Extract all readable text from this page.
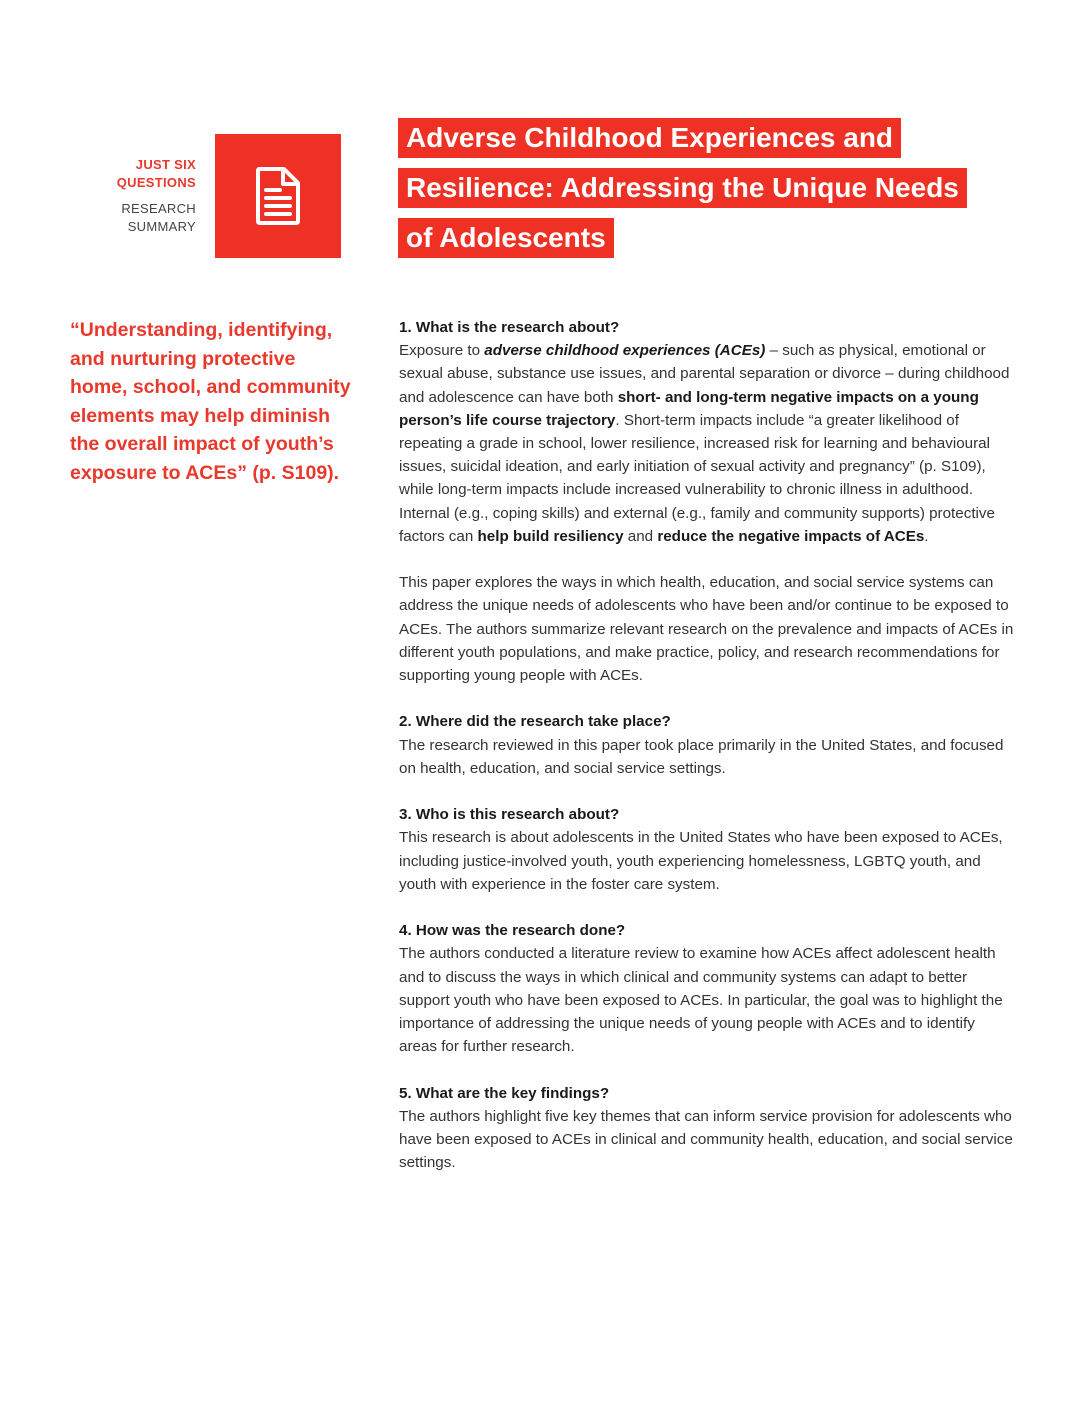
JUST SIX
QUESTIONS
RESEARCH
SUMMARY
Adverse Childhood Experiences and
Resilience: Addressing the Unique Needs
of Adolescents
“Understanding, identifying,
and nurturing protective
home, school, and community
elements may help diminish
the overall impact of youth’s
exposure to ACEs” (p. S109).
1. What is the research about?

Exposure to adverse childhood experiences (ACEs) – such as physical, emotional or sexual abuse, substance use issues, and parental separation or divorce – during childhood and adolescence can have both short- and long-term negative impacts on a young person’s life course trajectory. Short-term impacts include “a greater likelihood of repeating a grade in school, lower resilience, increased risk for learning and behavioural issues, suicidal ideation, and early initiation of sexual activity and pregnancy” (p. S109), while long-term impacts include increased vulnerability to chronic illness in adulthood. Internal (e.g., coping skills) and external (e.g., family and community supports) protective factors can help build resiliency and reduce the negative impacts of ACEs.

This paper explores the ways in which health, education, and social service systems can address the unique needs of adolescents who have been and/or continue to be exposed to ACEs. The authors summarize relevant research on the prevalence and impacts of ACEs in different youth populations, and make practice, policy, and research recommendations for supporting young people with ACEs.

2. Where did the research take place?

The research reviewed in this paper took place primarily in the United States, and focused on health, education, and social service settings.

3. Who is this research about?

This research is about adolescents in the United States who have been exposed to ACEs, including justice-involved youth, youth experiencing homelessness, LGBTQ youth, and youth with experience in the foster care system.

4. How was the research done?

The authors conducted a literature review to examine how ACEs affect adolescent health and to discuss the ways in which clinical and community systems can adapt to better support youth who have been exposed to ACEs. In particular, the goal was to highlight the importance of addressing the unique needs of young people with ACEs and to identify areas for further research.

5. What are the key findings?

The authors highlight five key themes that can inform service provision for adolescents who have been exposed to ACEs in clinical and community health, education, and social service settings.
